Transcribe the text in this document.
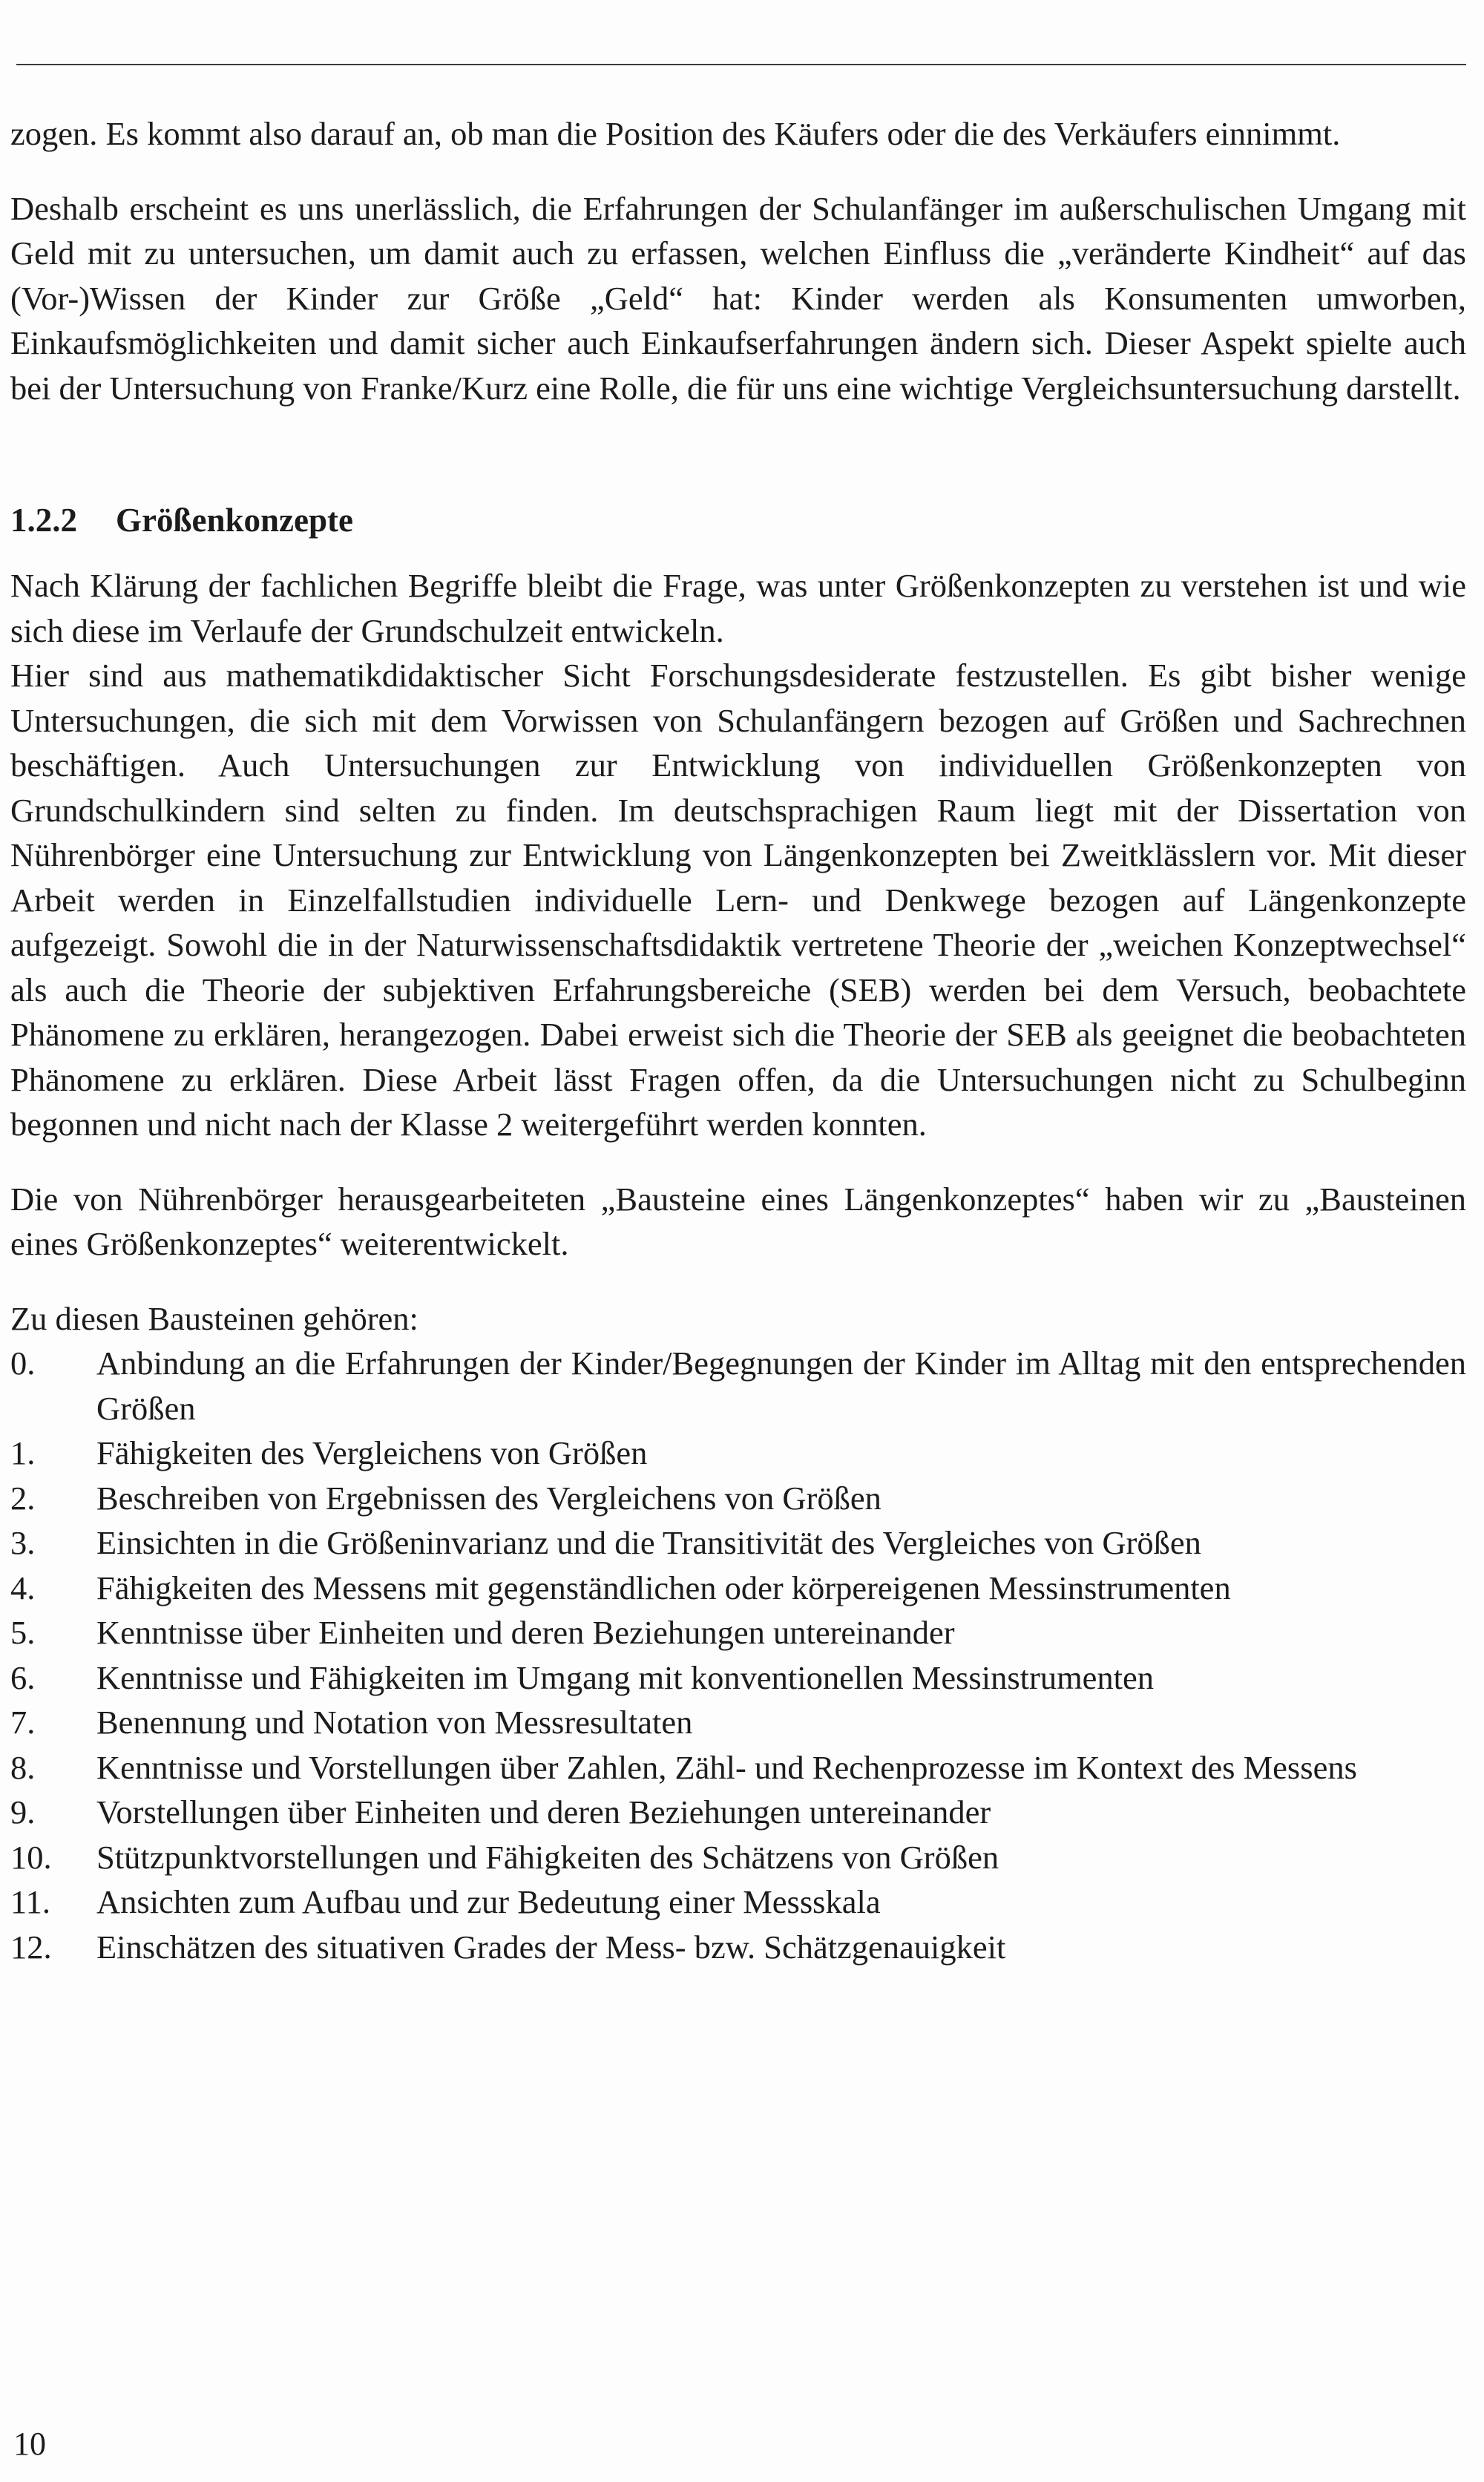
zogen. Es kommt also darauf an, ob man die Position des Käufers oder die des Verkäufers einnimmt.

Deshalb erscheint es uns unerlässlich, die Erfahrungen der Schulanfänger im außerschulischen Umgang mit Geld mit zu untersuchen, um damit auch zu erfassen, welchen Einfluss die „veränderte Kindheit“ auf das (Vor-)Wissen der Kinder zur Größe „Geld“ hat: Kinder werden als Konsumenten umworben, Einkaufsmöglichkeiten und damit sicher auch Einkaufserfahrungen ändern sich. Dieser Aspekt spielte auch bei der Untersuchung von Franke/Kurz eine Rolle, die für uns eine wichtige Vergleichsuntersuchung darstellt.

1.2.2 Größenkonzepte

Nach Klärung der fachlichen Begriffe bleibt die Frage, was unter Größenkonzepten zu verstehen ist und wie sich diese im Verlaufe der Grundschulzeit entwickeln.

Hier sind aus mathematikdidaktischer Sicht Forschungsdesiderate festzustellen. Es gibt bisher wenige Untersuchungen, die sich mit dem Vorwissen von Schulanfängern bezogen auf Größen und Sachrechnen beschäftigen. Auch Untersuchungen zur Entwicklung von individuellen Größenkonzepten von Grundschulkindern sind selten zu finden. Im deutschsprachigen Raum liegt mit der Dissertation von Nührenbörger eine Untersuchung zur Entwicklung von Längenkonzepten bei Zweitklässlern vor. Mit dieser Arbeit werden in Einzelfallstudien individuelle Lern- und Denkwege bezogen auf Längenkonzepte aufgezeigt. Sowohl die in der Naturwissenschaftsdidaktik vertretene Theorie der „weichen Konzeptwechsel“ als auch die Theorie der subjektiven Erfahrungsbereiche (SEB) werden bei dem Versuch, beobachtete Phänomene zu erklären, herangezogen. Dabei erweist sich die Theorie der SEB als geeignet die beobachteten Phänomene zu erklären. Diese Arbeit lässt Fragen offen, da die Untersuchungen nicht zu Schulbeginn begonnen und nicht nach der Klasse 2 weitergeführt werden konnten.

Die von Nührenbörger herausgearbeiteten „Bausteine eines Längenkonzeptes“ haben wir zu „Bausteinen eines Größenkonzeptes“ weiterentwickelt.

Zu diesen Bausteinen gehören:

0.	Anbindung an die Erfahrungen der Kinder/Begegnungen der Kinder im Alltag mit den entsprechenden Größen
1.	Fähigkeiten des Vergleichens von Größen
2.	Beschreiben von Ergebnissen des Vergleichens von Größen
3.	Einsichten in die Größeninvarianz und die Transitivität des Vergleiches von Größen
4.	Fähigkeiten des Messens mit gegenständlichen oder körpereigenen Messinstrumenten
5.	Kenntnisse über Einheiten und deren Beziehungen untereinander
6.	Kenntnisse und Fähigkeiten im Umgang mit konventionellen Messinstrumenten
7.	Benennung und Notation von Messresultaten
8.	Kenntnisse und Vorstellungen über Zahlen, Zähl- und Rechenprozesse im Kontext des Messens
9.	Vorstellungen über Einheiten und deren Beziehungen untereinander
10.	Stützpunktvorstellungen und Fähigkeiten des Schätzens von Größen
11.	Ansichten zum Aufbau und zur Bedeutung einer Messskala
12.	Einschätzen des situativen Grades der Mess- bzw. Schätzgenauigkeit
10
